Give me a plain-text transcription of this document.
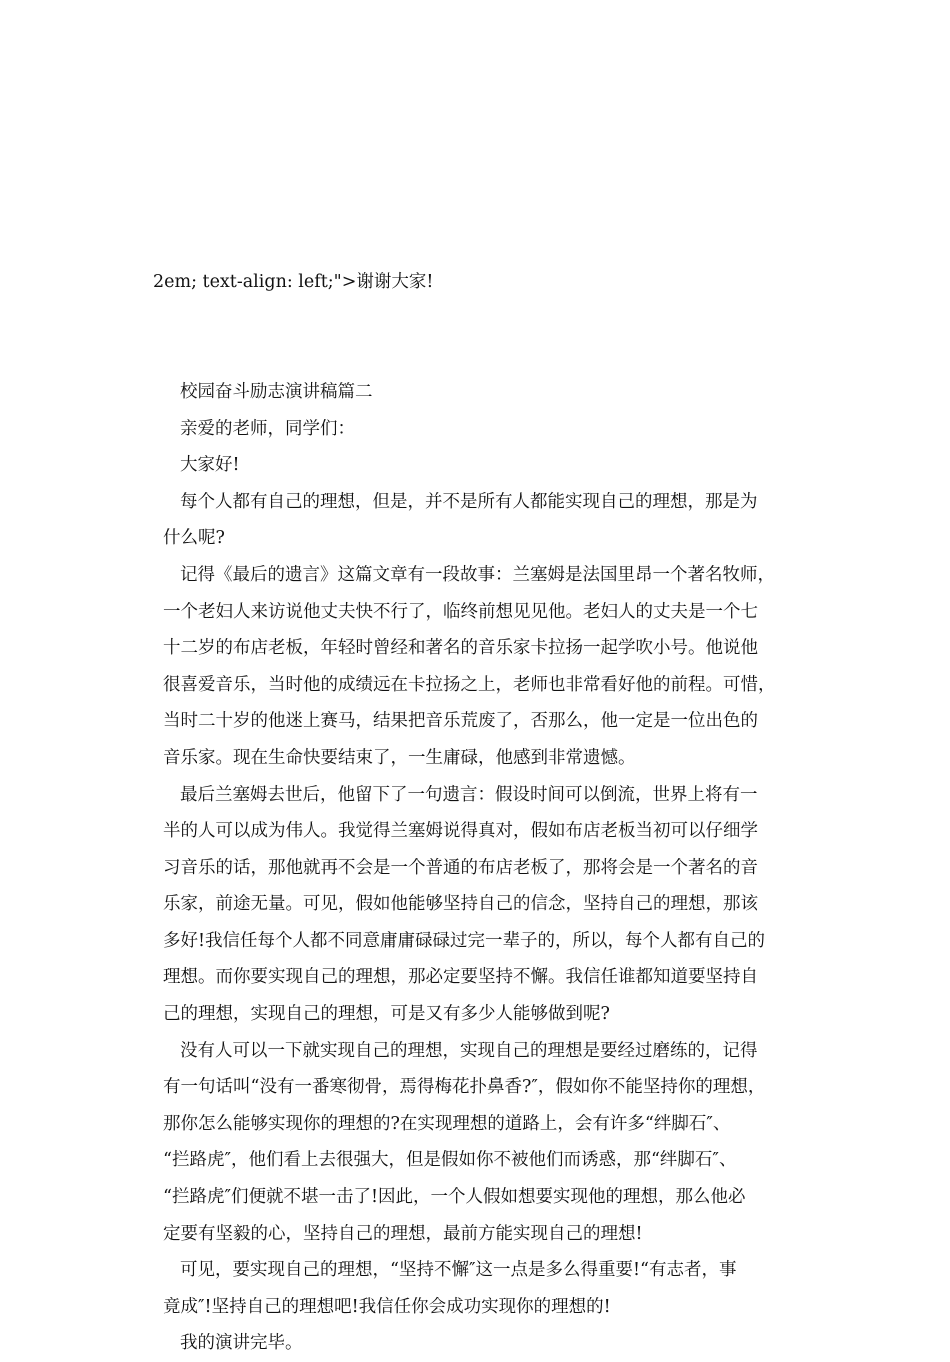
2em; text-align: left;">谢谢大家!

校园奋斗励志演讲稿篇二

亲爱的老师，同学们：

大家好!

每个人都有自己的理想，但是，并不是所有人都能实现自己的理想，那是为
什么呢?

记得《最后的遗言》这篇文章有一段故事：兰塞姆是法国里昂一个著名牧师，
一个老妇人来访说他丈夫快不行了，临终前想见见他。老妇人的丈夫是一个七
十二岁的布店老板，年轻时曾经和著名的音乐家卡拉扬一起学吹小号。他说他
很喜爱音乐，当时他的成绩远在卡拉扬之上，老师也非常看好他的前程。可惜，
当时二十岁的他迷上赛马，结果把音乐荒废了，否那么，他一定是一位出色的
音乐家。现在生命快要结束了，一生庸碌，他感到非常遗憾。

最后兰塞姆去世后，他留下了一句遗言：假设时间可以倒流，世界上将有一
半的人可以成为伟人。我觉得兰塞姆说得真对，假如布店老板当初可以仔细学
习音乐的话，那他就再不会是一个普通的布店老板了，那将会是一个著名的音
乐家，前途无量。可见，假如他能够坚持自己的信念，坚持自己的理想，那该
多好!我信任每个人都不同意庸庸碌碌过完一辈子的，所以，每个人都有自己的
理想。而你要实现自己的理想，那必定要坚持不懈。我信任谁都知道要坚持自
己的理想，实现自己的理想，可是又有多少人能够做到呢?

没有人可以一下就实现自己的理想，实现自己的理想是要经过磨练的，记得
有一句话叫“没有一番寒彻骨，焉得梅花扑鼻香?″，假如你不能坚持你的理想，
那你怎么能够实现你的理想的?在实现理想的道路上，会有许多“绊脚石″、
“拦路虎″，他们看上去很强大，但是假如你不被他们而诱惑，那“绊脚石″、
“拦路虎″们便就不堪一击了!因此，一个人假如想要实现他的理想，那么他必
定要有坚毅的心，坚持自己的理想，最前方能实现自己的理想!

可见，要实现自己的理想，“坚持不懈″这一点是多么得重要!“有志者，事
竟成″!坚持自己的理想吧!我信任你会成功实现你的理想的!

我的演讲完毕。
